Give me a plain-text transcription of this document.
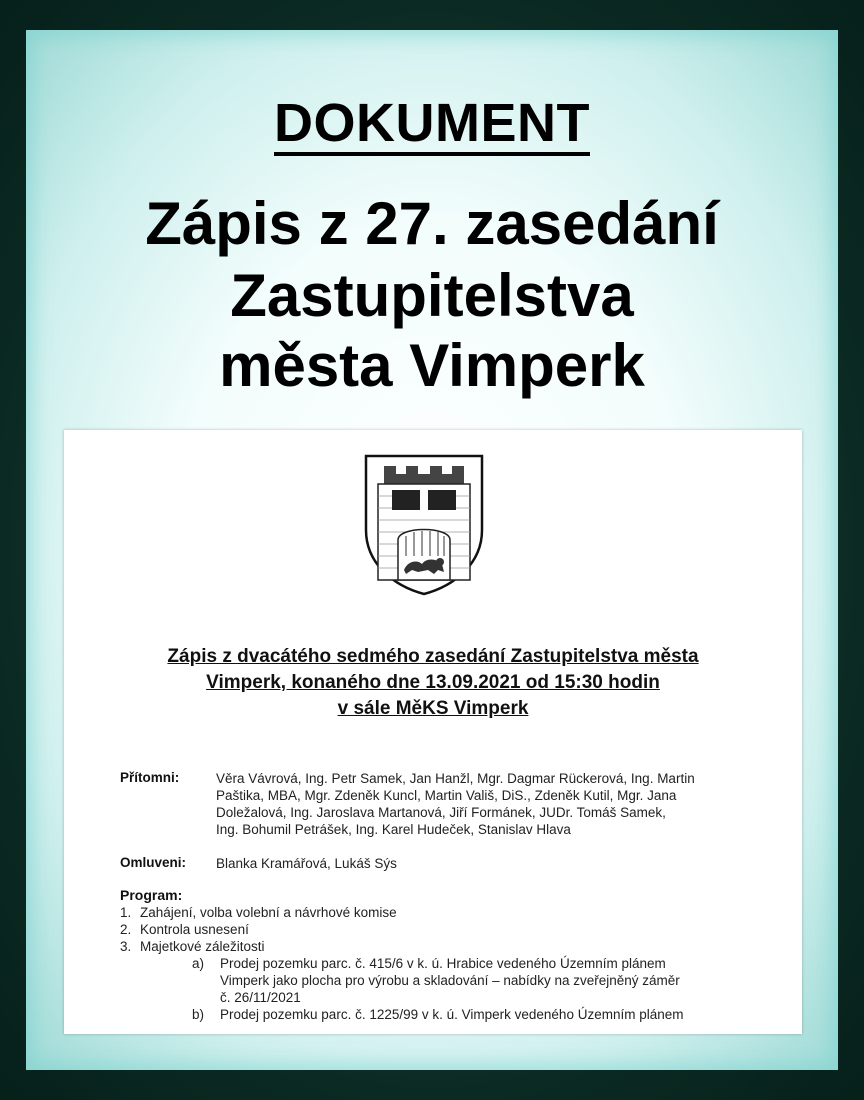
DOKUMENT
Zápis z 27. zasedání
Zastupitelstva
města Vimperk
Zápis z dvacátého sedmého zasedání Zastupitelstva města
Vimperk, konaného dne 13.09.2021 od 15:30 hodin
v sále MěKS Vimperk
Přítomni:	Věra Vávrová, Ing. Petr Samek, Jan Hanžl, Mgr. Dagmar Rückerová, Ing. Martin
Paštika, MBA, Mgr. Zdeněk Kuncl, Martin Vališ, DiS., Zdeněk Kutil, Mgr. Jana
Doležalová, Ing. Jaroslava Martanová, Jiří Formánek, JUDr. Tomáš Samek,
Ing. Bohumil Petrášek, Ing. Karel Hudeček, Stanislav Hlava
Omluveni: Blanka Kramářová, Lukáš Sýs
Program:
1. Zahájení, volba volební a návrhové komise
2. Kontrola usnesení
3. Majetkové záležitosti
a) Prodej pozemku parc. č. 415/6 v k. ú. Hrabice vedeného Územním plánem
Vimperk jako plocha pro výrobu a skladování – nabídky na zveřejněný záměr
č. 26/11/2021
b) Prodej pozemku parc. č. 1225/99 v k. ú. Vimperk vedeného Územním plánem
